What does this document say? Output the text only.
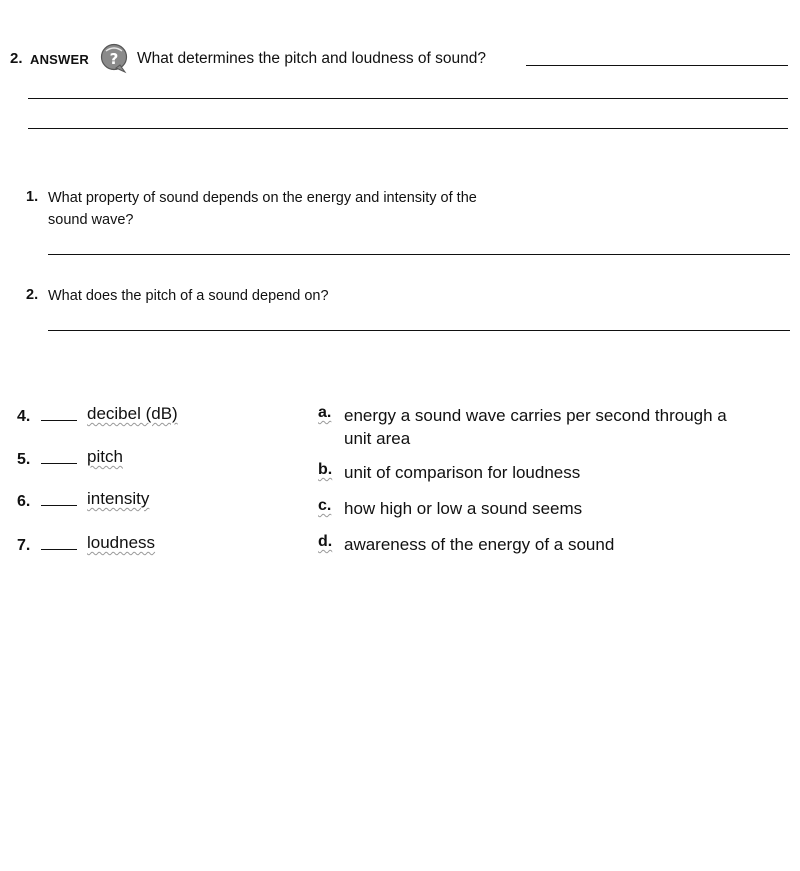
2. ANSWER ? What determines the pitch and loudness of sound?
1. What property of sound depends on the energy and intensity of the
sound wave?
2. What does the pitch of a sound depend on?
4.	decibel (dB)
5.	pitch
6.	intensity
7.	loudness
a. energy a sound wave carries per second through a
unit area
b. unit of comparison for loudness
c. how high or low a sound seems
d. awareness of the energy of a sound
